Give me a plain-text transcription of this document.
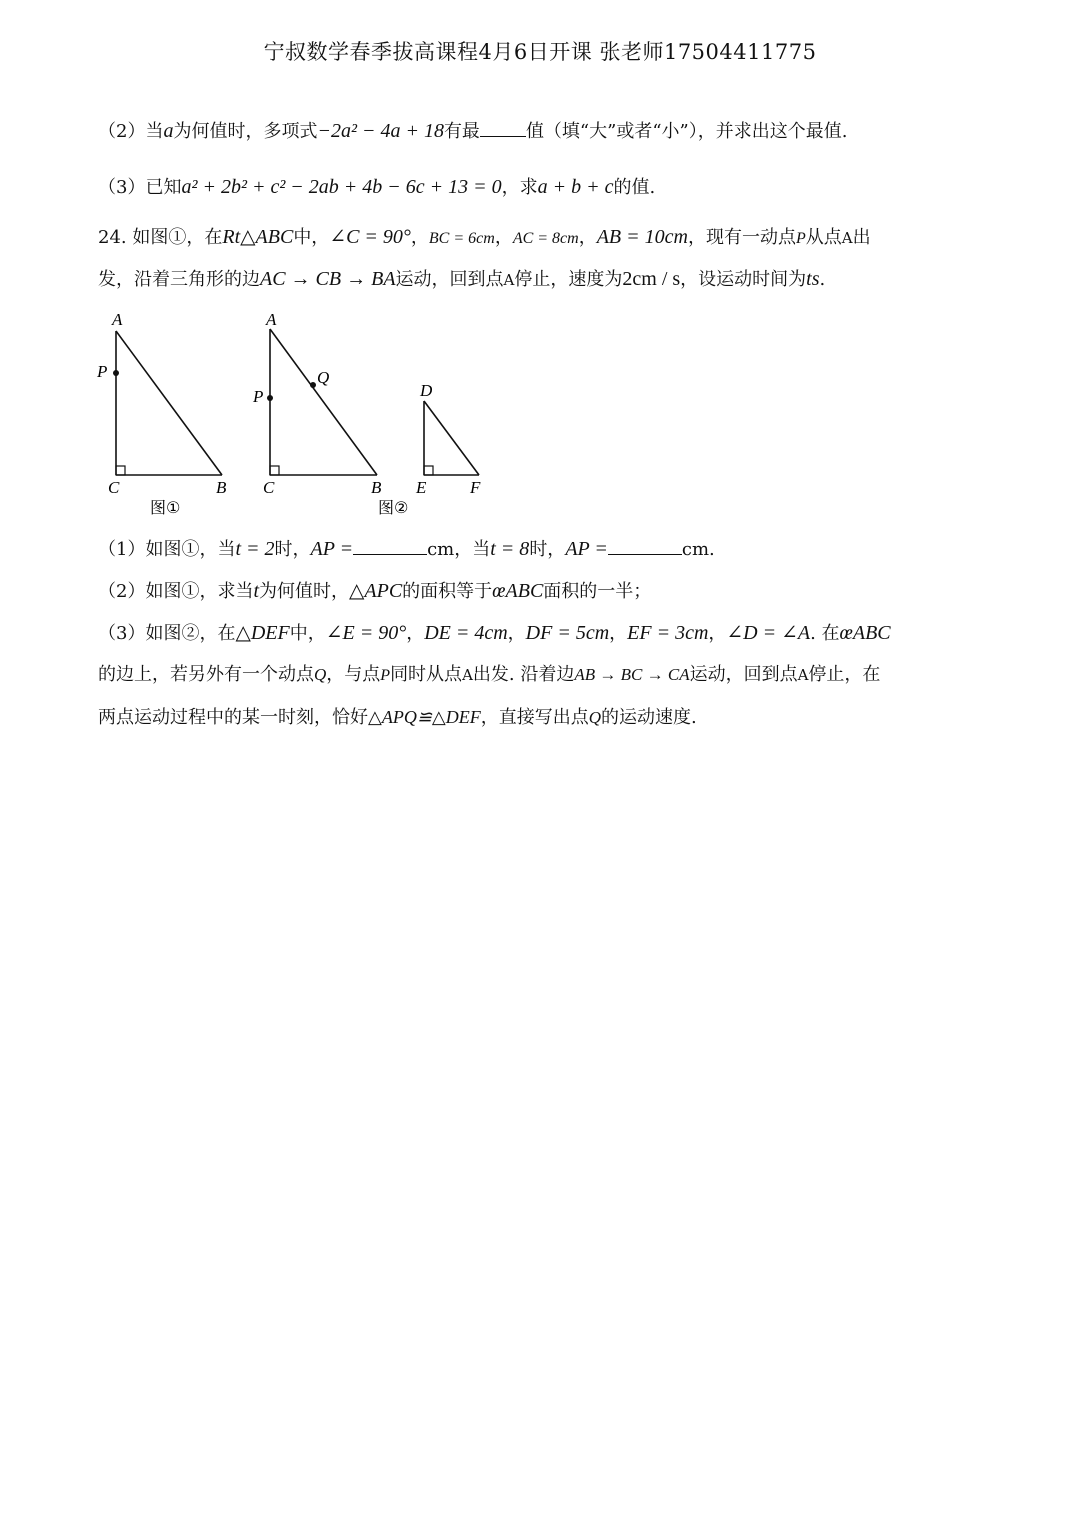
宁叔数学春季拔高课程4月6日开课 张老师17504411775
（2）当a为何值时，多项式−2a² − 4a + 18有最	值（填“大”或者“小”），并求出这个最值.
（3）已知a² + 2b² + c² − 2ab + 4b − 6c + 13 = 0，求a + b + c的值.
24. 如图①，在Rt△ABC中，∠C = 90°，BC = 6cm，AC = 8cm，AB = 10cm，现有一动点P从点A出
发，沿着三角形的边AC → CB → BA运动，回到点A停止，速度为2cm / s，设运动时间为ts.
A
P
C	B
图①
A
Q
P
C	B
D
E	F
图②
（1）如图①，当t = 2时，AP =	cm，当t = 8时，AP =	cm.
（2）如图①，求当t为何值时，△APC的面积等于œABC面积的一半；
（3）如图②，在△DEF中，∠E = 90°，DE = 4cm，DF = 5cm，EF = 3cm，∠D = ∠A. 在œABC
的边上，若另外有一个动点Q，与点P同时从点A出发. 沿着边AB → BC → CA运动，回到点A停止，在
两点运动过程中的某一时刻，恰好△APQ≌△DEF，直接写出点Q的运动速度.
